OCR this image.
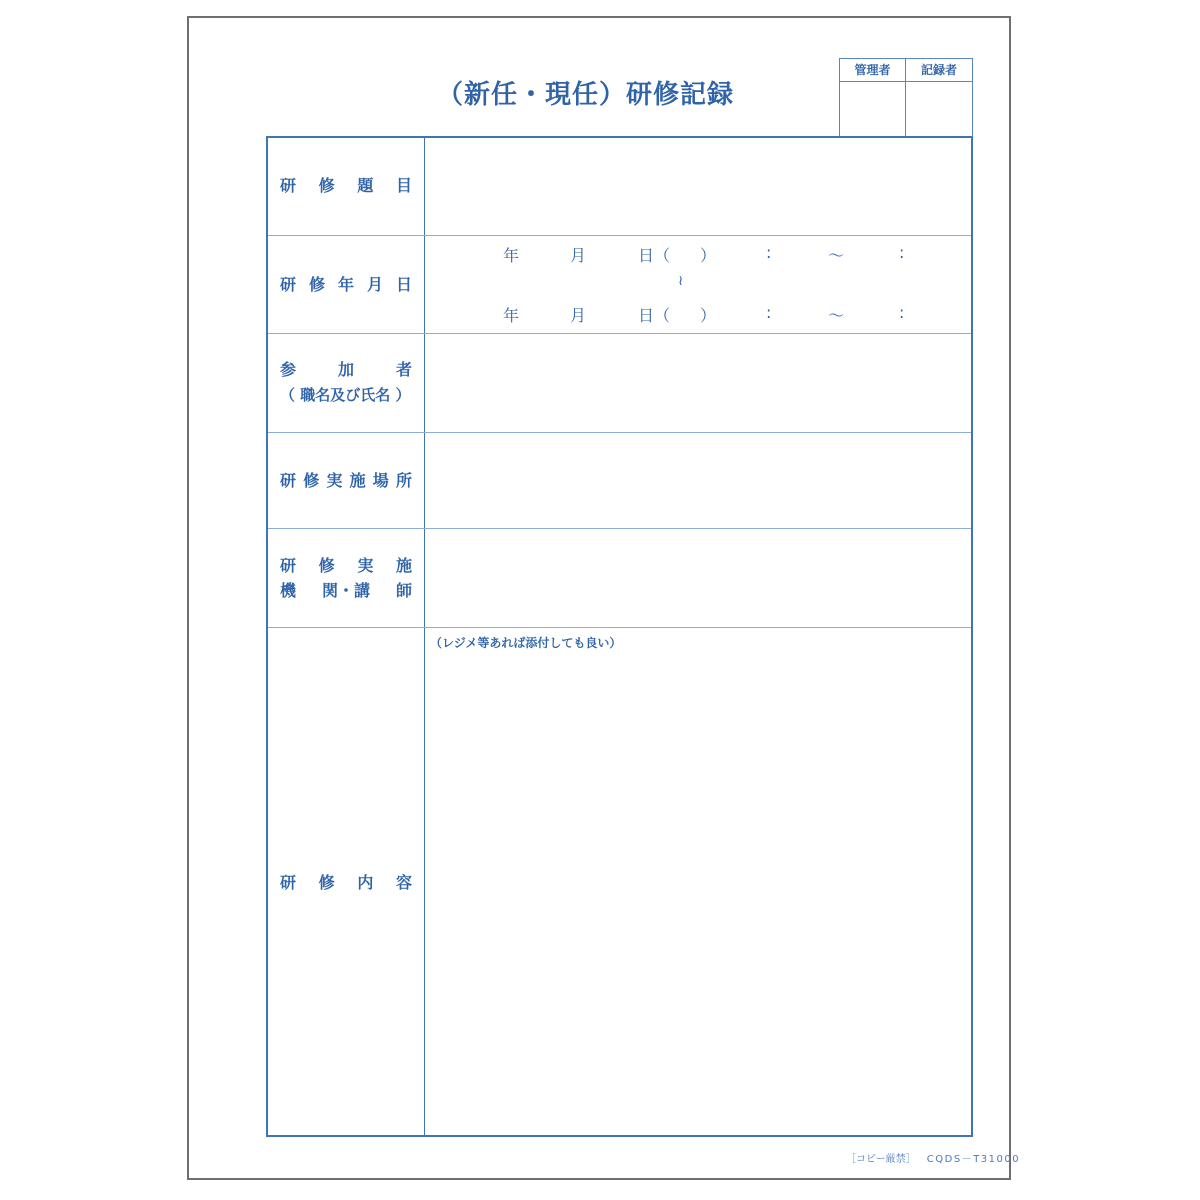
（新任・現任）研修記録
管理者	記録者
研 修 題 目
研 修 年 月 日
年	月	日（ ）	:	～	:
≀
年	月	日（ ）	:	～	:
参	加	者
（ 職名及び氏名 ）
研 修 実 施 場 所
研 修 実 施
機 関・講 師
研 修 内 容
（レジメ等あれば添付しても良い）
［コピー厳禁］ CQDS－T31000
